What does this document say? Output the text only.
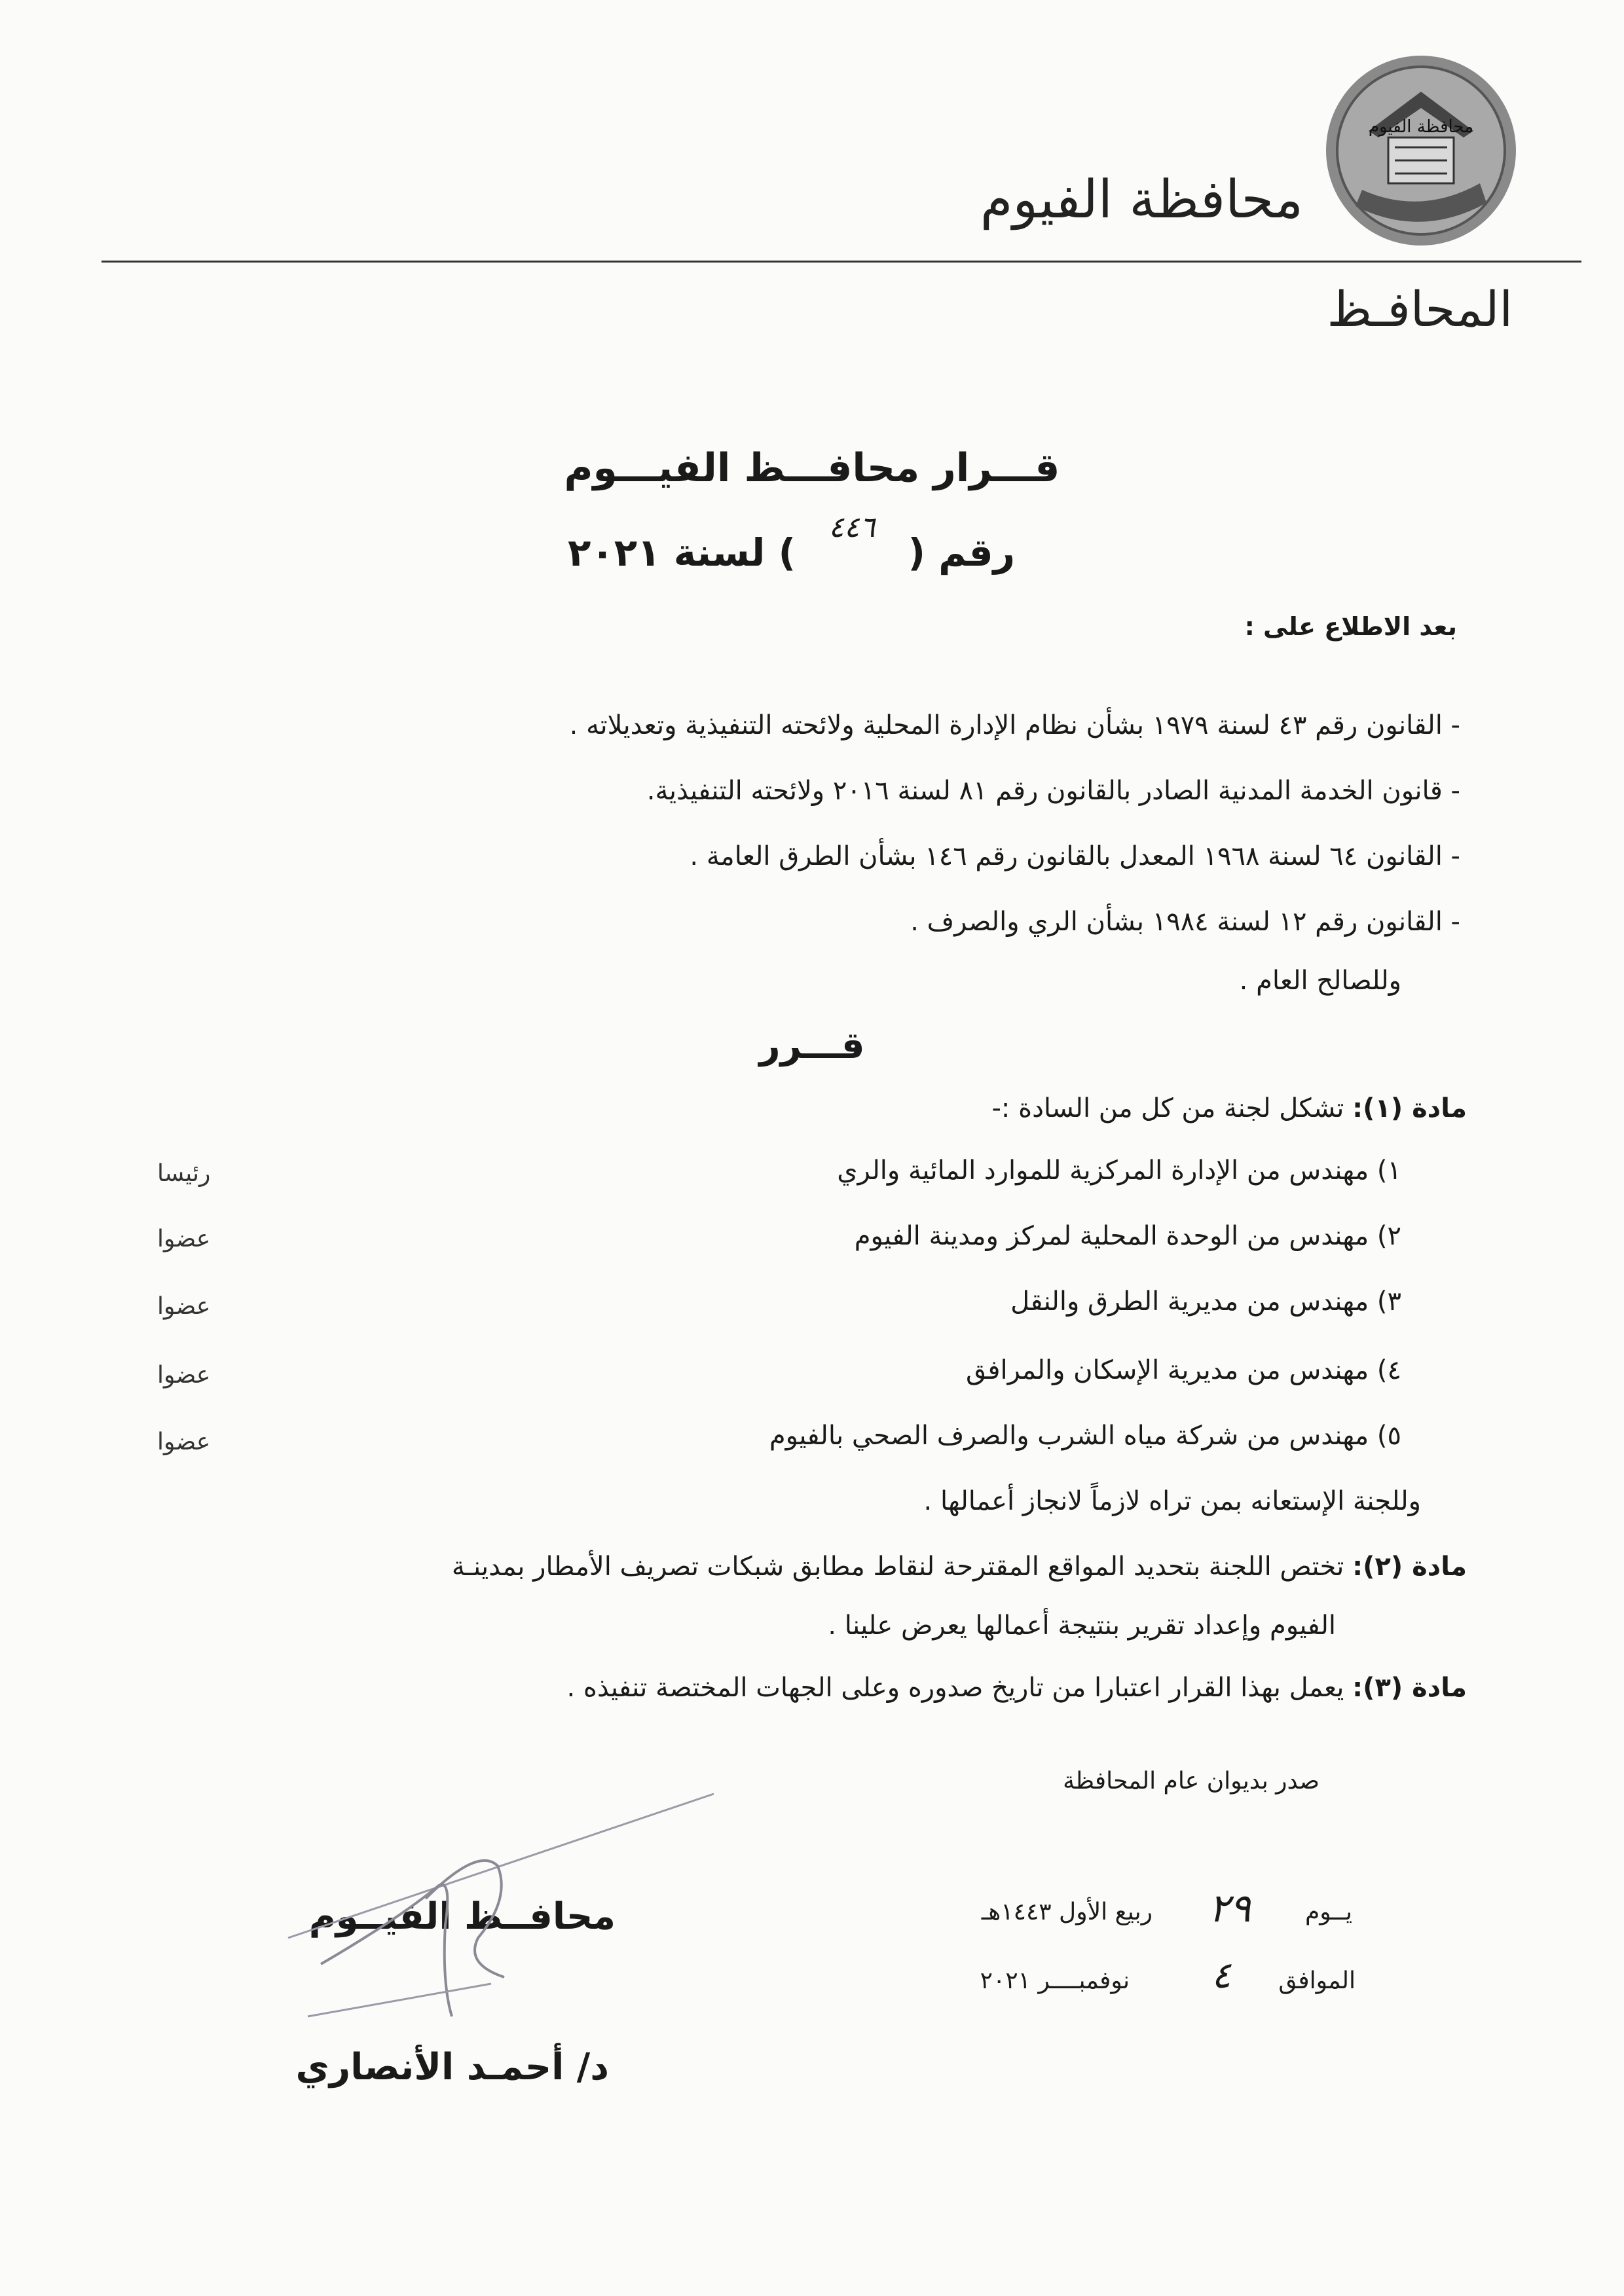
محافظة الفيوم
محافظة الفيوم
المحافـظ
قـــرار محافـــظ الفيـــوم
رقم ( $^{٤٤٦}$ ) لسنة ٢٠٢١
بعد الاطلاع على :
- القانون رقم ٤٣ لسنة ١٩٧٩ بشأن نظام الإدارة المحلية ولائحته التنفيذية وتعديلاته .
- قانون الخدمة المدنية الصادر بالقانون رقم ٨١ لسنة ٢٠١٦ ولائحته التنفيذية.
- القانون ٦٤ لسنة ١٩٦٨ المعدل بالقانون رقم ١٤٦ بشأن الطرق العامة .
- القانون رقم ١٢ لسنة ١٩٨٤ بشأن الري والصرف .
وللصالح العام .
قـــرر
مادة (١): تشكل لجنة من كل من السادة :-
١) مهندس من الإدارة المركزية للموارد المائية والري
رئيسا
٢) مهندس من الوحدة المحلية لمركز ومدينة الفيوم
عضوا
٣) مهندس من مديرية الطرق والنقل
عضوا
٤) مهندس من مديرية الإسكان والمرافق
عضوا
٥) مهندس من شركة مياه الشرب والصرف الصحي بالفيوم
عضوا
وللجنة الإستعانه بمن تراه لازماً لانجاز أعمالها .
مادة (٢): تختص اللجنة بتحديد المواقع المقترحة لنقاط مطابق شبكات تصريف الأمطار بمدينـة
الفيوم وإعداد تقرير بنتيجة أعمالها يعرض علينا .
مادة (٣): يعمل بهذا القرار اعتبارا من تاريخ صدوره وعلى الجهات المختصة تنفيذه .
صدر بديوان عام المحافظة
يــوم
٢٩
ربيع الأول ١٤٤٣هـ
الموافق
٤
نوفمبــــر ٢٠٢١
محافــظ الفيــوم
د/ أحمـد الأنصاري
